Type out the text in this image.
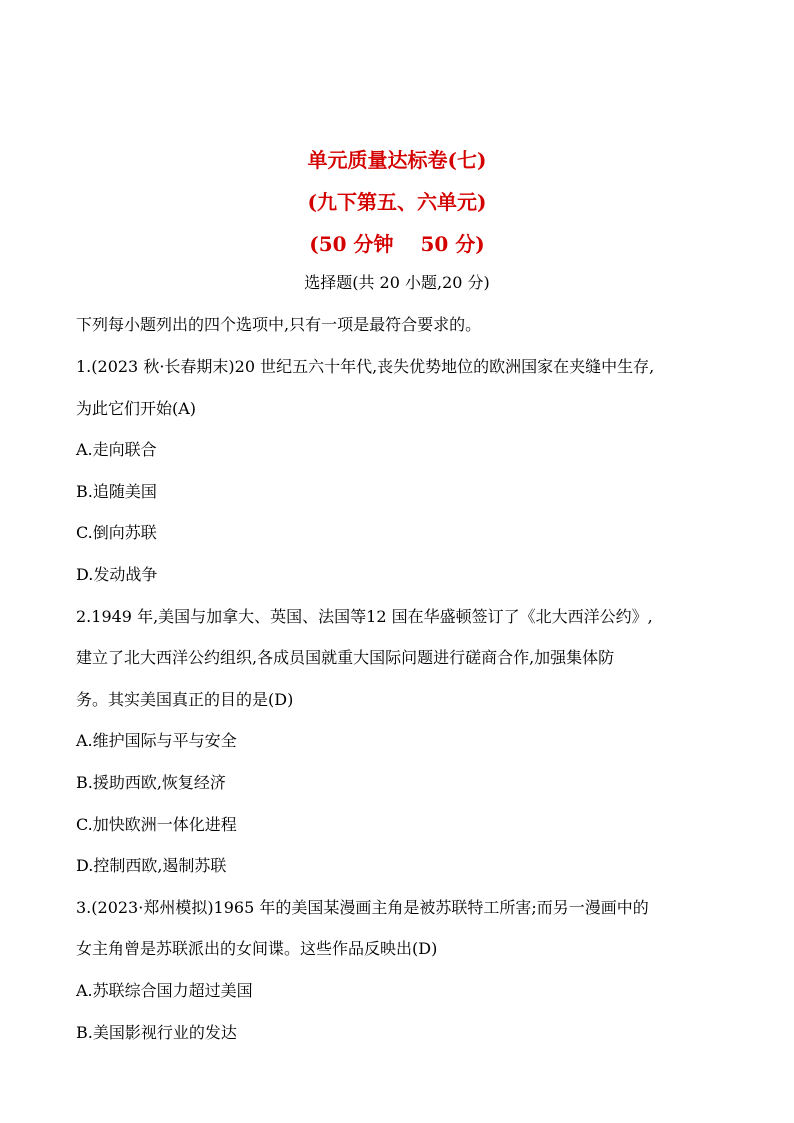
单元质量达标卷(七)
(九下第五、六单元)
(50 分钟　 50 分)
选择题(共 20 小题,20 分)
下列每小题列出的四个选项中,只有一项是最符合要求的。
1.(2023 秋·长春期末)20 世纪五六十年代,丧失优势地位的欧洲国家在夹缝中生存,
为此它们开始(A)
A.走向联合
B.追随美国
C.倒向苏联
D.发动战争
2.1949 年,美国与加拿大、英国、法国等12 国在华盛顿签订了《北大西洋公约》,
建立了北大西洋公约组织,各成员国就重大国际问题进行磋商合作,加强集体防
务。其实美国真正的目的是(D)
A.维护国际与平与安全
B.援助西欧,恢复经济
C.加快欧洲一体化进程
D.控制西欧,遏制苏联
3.(2023·郑州模拟)1965 年的美国某漫画主角是被苏联特工所害;而另一漫画中的
女主角曾是苏联派出的女间谍。这些作品反映出(D)
A.苏联综合国力超过美国
B.美国影视行业的发达
